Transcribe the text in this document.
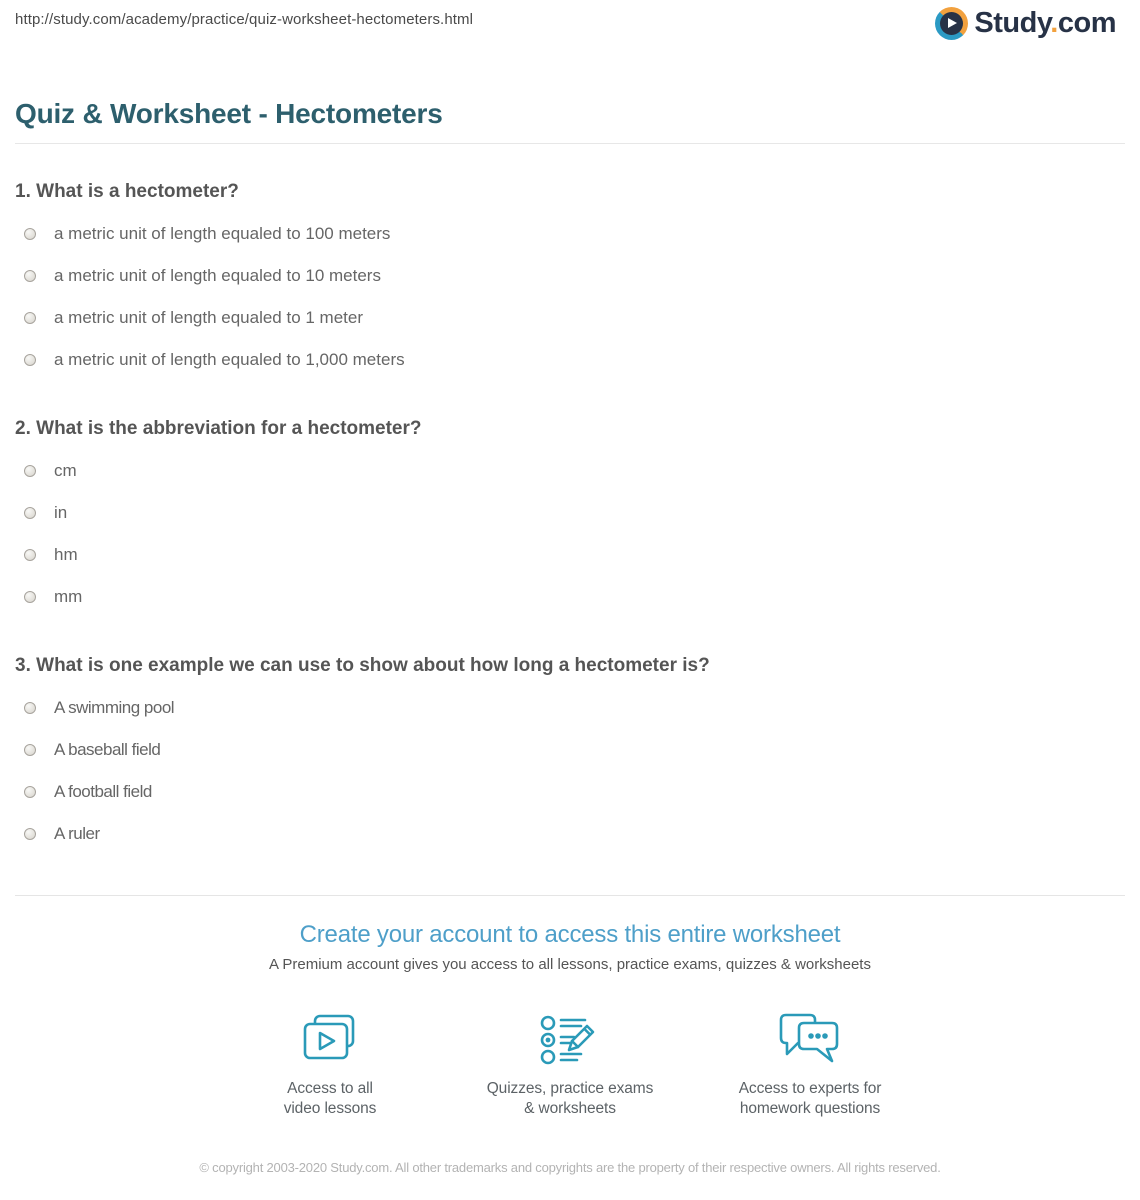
http://study.com/academy/practice/quiz-worksheet-hectometers.html	Study.com
Quiz & Worksheet - Hectometers
1. What is a hectometer?
a metric unit of length equaled to 100 meters
a metric unit of length equaled to 10 meters
a metric unit of length equaled to 1 meter
a metric unit of length equaled to 1,000 meters
2. What is the abbreviation for a hectometer?
cm
in
hm
mm
3. What is one example we can use to show about how long a hectometer is?
A swimming pool
A baseball field
A football field
A ruler
Create your account to access this entire worksheet

A Premium account gives you access to all lessons, practice exams, quizzes & worksheets

Access to all
video lessons
Quizzes, practice exams
& worksheets
Access to experts for
homework questions
© copyright 2003-2020 Study.com. All other trademarks and copyrights are the property of their respective owners. All rights reserved.
